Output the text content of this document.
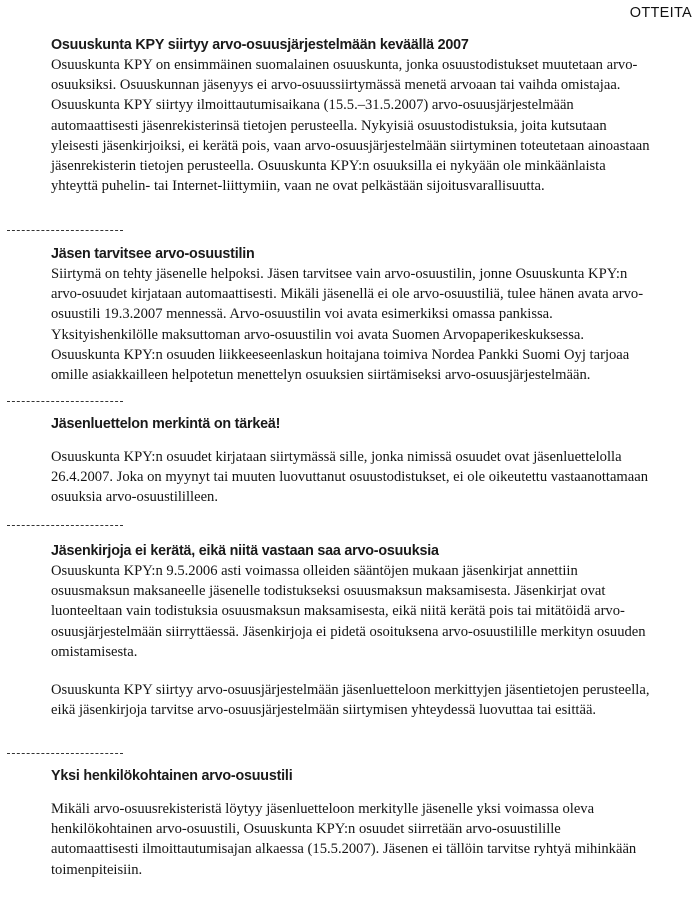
OTTEITA
Osuuskunta KPY siirtyy arvo-osuusjärjestelmään keväällä 2007

Osuuskunta KPY on ensimmäinen suomalainen osuuskunta, jonka osuustodistukset muutetaan arvo-osuuksiksi. Osuuskunnan jäsenyys ei arvo-osuussiirtymässä menetä arvoaan tai vaihda omistajaa. Osuuskunta KPY siirtyy ilmoittautumisaikana (15.5.–31.5.2007) arvo-osuusjärjestelmään automaattisesti jäsenrekisterinsä tietojen perusteella. Nykyisiä osuustodistuksia, joita kutsutaan yleisesti jäsenkirjoiksi, ei kerätä pois, vaan arvo-osuusjärjestelmään siirtyminen toteutetaan ainoastaan jäsenrekisterin tietojen perusteella. Osuuskunta KPY:n osuuksilla ei nykyään ole minkäänlaista yhteyttä puhelin- tai Internet-liittymiin, vaan ne ovat pelkästään sijoitusvarallisuutta.

Jäsen tarvitsee arvo-osuustilin

Siirtymä on tehty jäsenelle helpoksi. Jäsen tarvitsee vain arvo-osuustilin, jonne Osuuskunta KPY:n arvo-osuudet kirjataan automaattisesti. Mikäli jäsenellä ei ole arvo-osuustiliä, tulee hänen avata arvo-osuustili 19.3.2007 mennessä. Arvo-osuustilin voi avata esimerkiksi omassa pankissa. Yksityishenkilölle maksuttoman arvo-osuustilin voi avata Suomen Arvopaperikeskuksessa. Osuuskunta KPY:n osuuden liikkeeseenlaskun hoitajana toimiva Nordea Pankki Suomi Oyj tarjoaa omille asiakkailleen helpotetun menettelyn osuuksien siirtämiseksi arvo-osuusjärjestelmään.

Jäsenluettelon merkintä on tärkeä!

Osuuskunta KPY:n osuudet kirjataan siirtymässä sille, jonka nimissä osuudet ovat jäsenluettelolla 26.4.2007. Joka on myynyt tai muuten luovuttanut osuustodistukset, ei ole oikeutettu vastaanottamaan osuuksia arvo-osuustililleen.

Jäsenkirjoja ei kerätä, eikä niitä vastaan saa arvo-osuuksia

Osuuskunta KPY:n 9.5.2006 asti voimassa olleiden sääntöjen mukaan jäsenkirjat annettiin osuusmaksun maksaneelle jäsenelle todistukseksi osuusmaksun maksamisesta. Jäsenkirjat ovat luonteeltaan vain todistuksia osuusmaksun maksamisesta, eikä niitä kerätä pois tai mitätöidä arvo-osuusjärjestelmään siirryttäessä. Jäsenkirjoja ei pidetä osoituksena arvo-osuustilille merkityn osuuden omistamisesta.

Osuuskunta KPY siirtyy arvo-osuusjärjestelmään jäsenluetteloon merkittyjen jäsentietojen perusteella, eikä jäsenkirjoja tarvitse arvo-osuusjärjestelmään siirtymisen yhteydessä luovuttaa tai esittää.

Yksi henkilökohtainen arvo-osuustili

Mikäli arvo-osuusrekisteristä löytyy jäsenluetteloon merkitylle jäsenelle yksi voimassa oleva henkilökohtainen arvo-osuustili, Osuuskunta KPY:n osuudet siirretään arvo-osuustilille automaattisesti ilmoittautumisajan alkaessa (15.5.2007). Jäsenen ei tällöin tarvitse ryhtyä mihinkään toimenpiteisiin.
